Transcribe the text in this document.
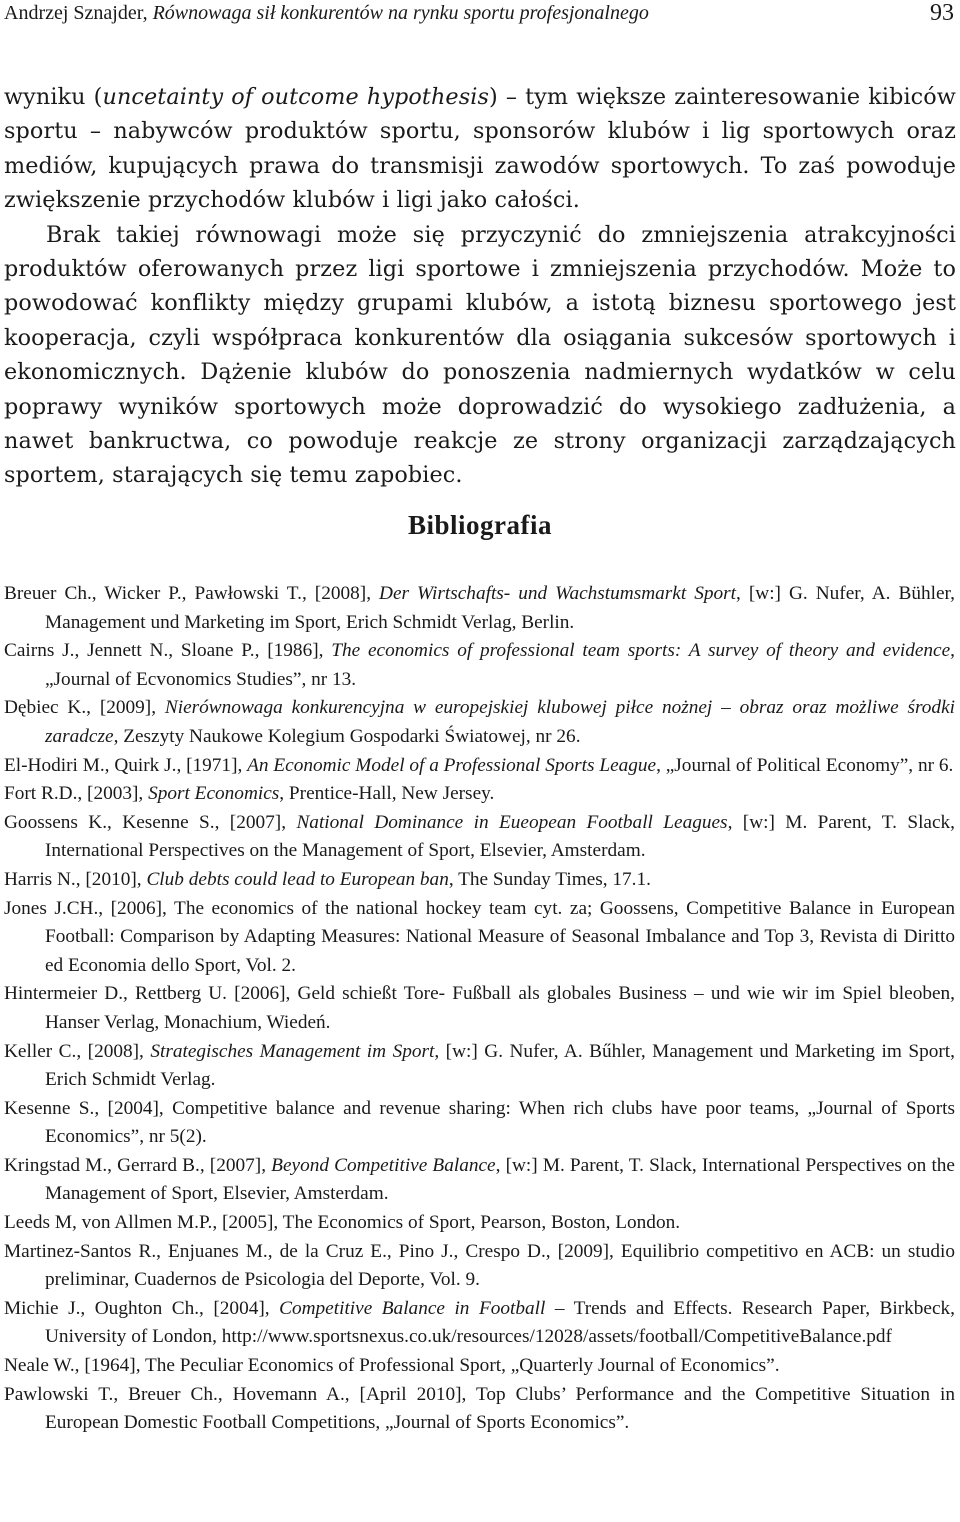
Andrzej Sznajder, Równowaga sił konkurentów na rynku sportu profesjonalnego	93

wyniku (uncetainty of outcome hypothesis) – tym większe zainteresowanie kibiców sportu – nabywców produktów sportu, sponsorów klubów i lig sportowych oraz mediów, kupujących prawa do transmisji zawodów sportowych. To zaś powoduje zwiększenie przychodów klubów i ligi jako całości.

Brak takiej równowagi może się przyczynić do zmniejszenia atrakcyjności produktów oferowanych przez ligi sportowe i zmniejszenia przychodów. Może to powodować konflikty między grupami klubów, a istotą biznesu sportowego jest kooperacja, czyli współpraca konkurentów dla osiągania sukcesów sportowych i ekonomicznych. Dążenie klubów do ponoszenia nadmiernych wydatków w celu poprawy wyników sportowych może doprowadzić do wysokiego zadłużenia, a nawet bankructwa, co powoduje reakcje ze strony organizacji zarządzających sportem, starających się temu zapobiec.

Bibliografia

Breuer Ch., Wicker P., Pawłowski T., [2008], Der Wirtschafts- und Wachstumsmarkt Sport, [w:] G. Nufer, A. Bühler, Management und Marketing im Sport, Erich Schmidt Verlag, Berlin.

Cairns J., Jennett N., Sloane P., [1986], The economics of professional team sports: A survey of theory and evidence, „Journal of Ecvonomics Studies”, nr 13.

Dębiec K., [2009], Nierównowaga konkurencyjna w europejskiej klubowej piłce nożnej – obraz oraz możliwe środki zaradcze, Zeszyty Naukowe Kolegium Gospodarki Światowej, nr 26.

El-Hodiri M., Quirk J., [1971], An Economic Model of a Professional Sports League, „Journal of Political Economy”, nr 6.

Fort R.D., [2003], Sport Economics, Prentice-Hall, New Jersey.

Goossens K., Kesenne S., [2007], National Dominance in Eueopean Football Leagues, [w:] M. Parent, T. Slack, International Perspectives on the Management of Sport, Elsevier, Amsterdam.

Harris N., [2010], Club debts could lead to European ban, The Sunday Times, 17.1.

Jones J.CH., [2006], The economics of the national hockey team cyt. za; Goossens, Competitive Balance in European Football: Comparison by Adapting Measures: National Measure of Seasonal Imbalance and Top 3, Revista di Diritto ed Economia dello Sport, Vol. 2.

Hintermeier D., Rettberg U. [2006], Geld schießt Tore- Fußball als globales Business – und wie wir im Spiel bleoben, Hanser Verlag, Monachium, Wiedeń.

Keller C., [2008], Strategisches Management im Sport, [w:] G. Nufer, A. Bűhler, Management und Marketing im Sport, Erich Schmidt Verlag.

Kesenne S., [2004], Competitive balance and revenue sharing: When rich clubs have poor teams, „Journal of Sports Economics”, nr 5(2).

Kringstad M., Gerrard B., [2007], Beyond Competitive Balance, [w:] M. Parent, T. Slack, International Perspectives on the Management of Sport, Elsevier, Amsterdam.

Leeds M, von Allmen M.P., [2005], The Economics of Sport, Pearson, Boston, London.

Martinez-Santos R., Enjuanes M., de la Cruz E., Pino J., Crespo D., [2009], Equilibrio competitivo en ACB: un studio preliminar, Cuadernos de Psicologia del Deporte, Vol. 9.

Michie J., Oughton Ch., [2004], Competitive Balance in Football – Trends and Effects. Research Paper, Birkbeck, University of London, http://www.sportsnexus.co.uk/resources/12028/assets/football/CompetitiveBalance.pdf

Neale W., [1964], The Peculiar Economics of Professional Sport, „Quarterly Journal of Economics”.

Pawlowski T., Breuer Ch., Hovemann A., [April 2010], Top Clubs’ Performance and the Competitive Situation in European Domestic Football Competitions, „Journal of Sports Economics”.
